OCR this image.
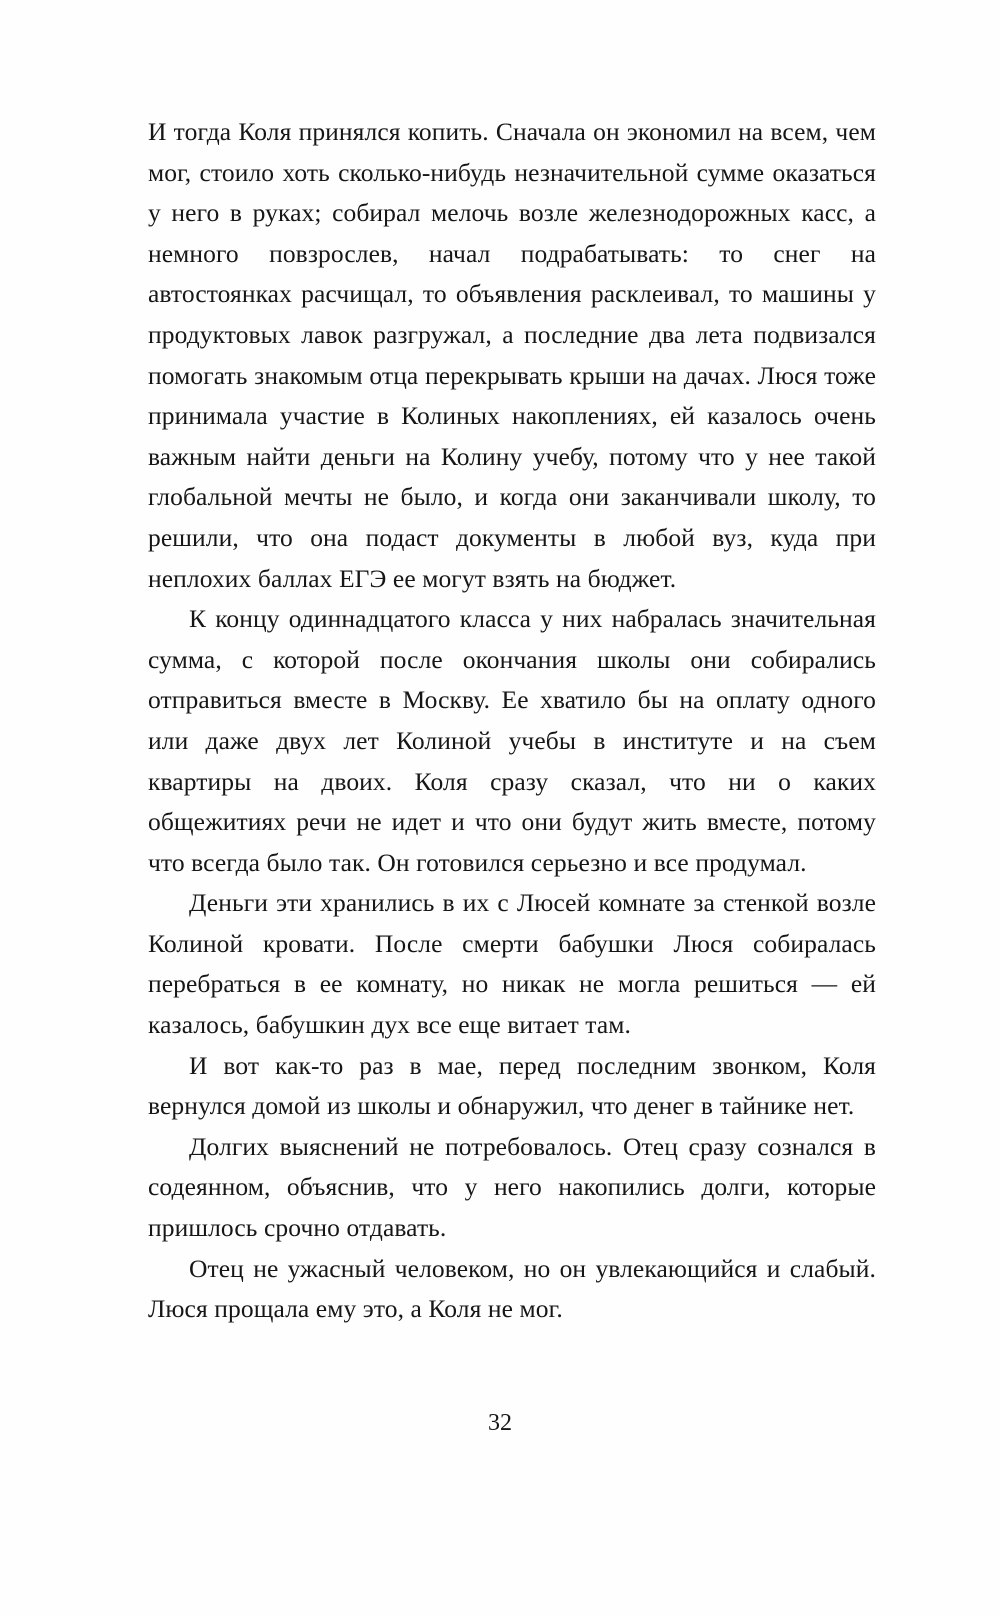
И тогда Коля принялся копить. Сначала он экономил на всем, чем мог, стоило хоть сколько-нибудь незначительной сумме оказаться у него в руках; собирал мелочь возле железнодорожных касс, а немного повзрослев, начал подрабатывать: то снег на автостоянках расчищал, то объявления расклеивал, то машины у продуктовых лавок разгружал, а последние два лета подвизался помогать знакомым отца перекрывать крыши на дачах. Люся тоже принимала участие в Колиных накоплениях, ей казалось очень важным найти деньги на Колину учебу, потому что у нее такой глобальной мечты не было, и когда они заканчивали школу, то решили, что она подаст документы в любой вуз, куда при неплохих баллах ЕГЭ ее могут взять на бюджет.

К концу одиннадцатого класса у них набралась значительная сумма, с которой после окончания школы они собирались отправиться вместе в Москву. Ее хватило бы на оплату одного или даже двух лет Колиной учебы в институте и на съем квартиры на двоих. Коля сразу сказал, что ни о каких общежитиях речи не идет и что они будут жить вместе, потому что всегда было так. Он готовился серьезно и все продумал.

Деньги эти хранились в их с Люсей комнате за стенкой возле Колиной кровати. После смерти бабушки Люся собиралась перебраться в ее комнату, но никак не могла решиться — ей казалось, бабушкин дух все еще витает там.

И вот как-то раз в мае, перед последним звонком, Коля вернулся домой из школы и обнаружил, что денег в тайнике нет.

Долгих выяснений не потребовалось. Отец сразу сознался в содеянном, объяснив, что у него накопились долги, которые пришлось срочно отдавать.

Отец не ужасный человеком, но он увлекающийся и слабый. Люся прощала ему это, а Коля не мог.

32
